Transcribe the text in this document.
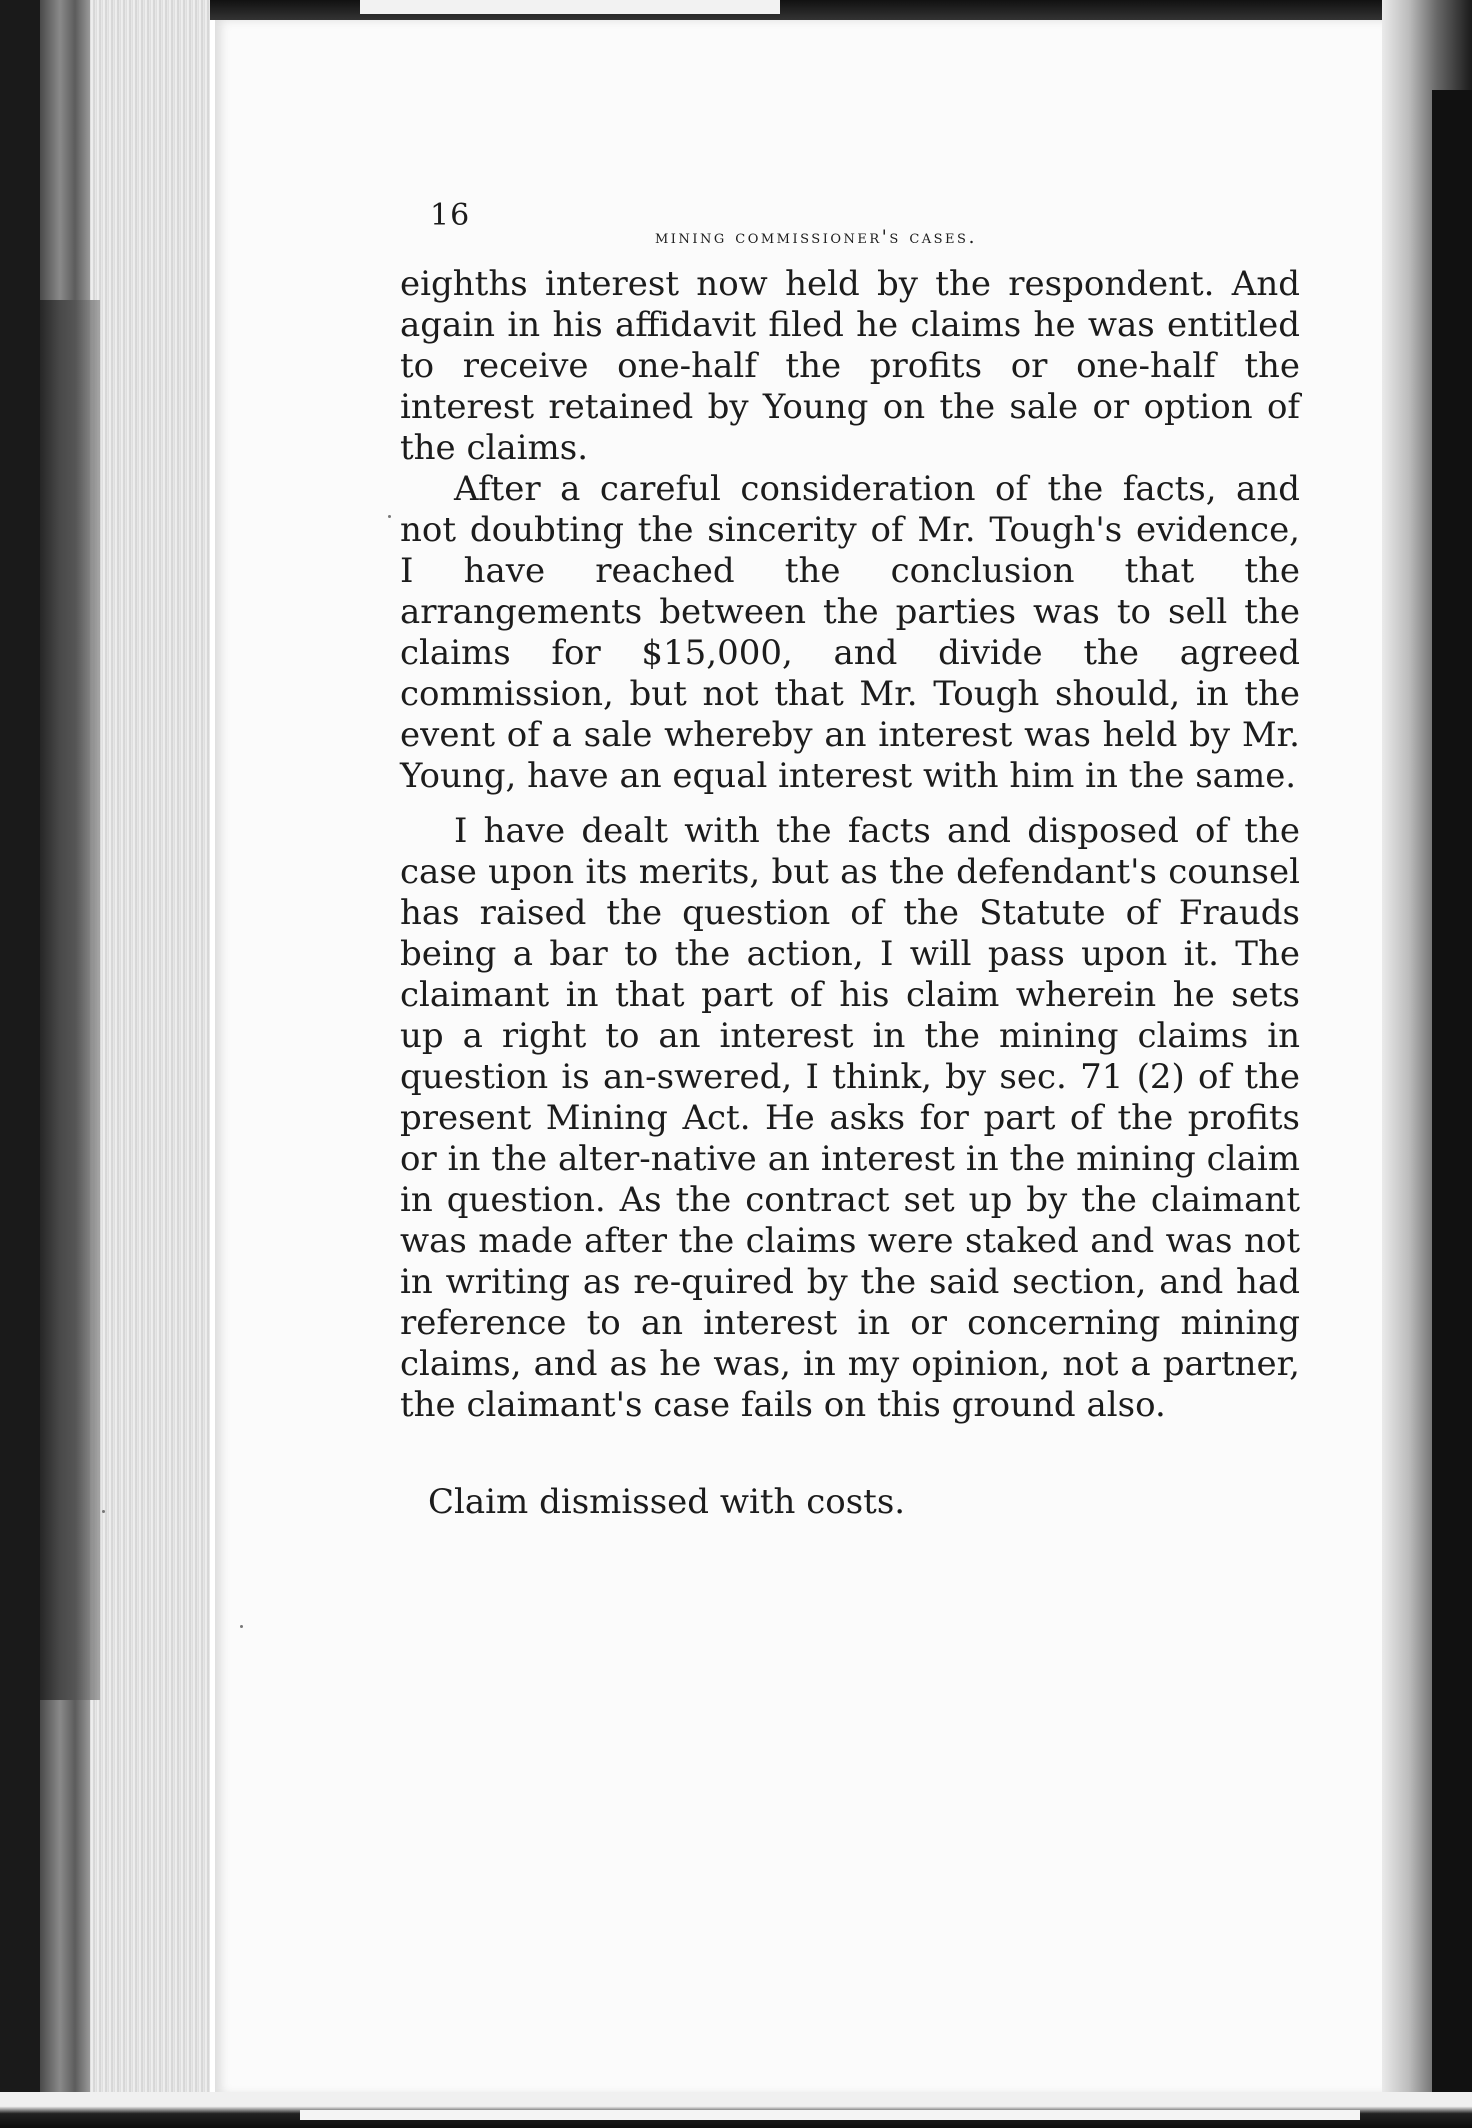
16
mining commissioner's cases.

eighths interest now held by the respondent. And again in his affidavit filed he claims he was entitled to receive one-half the profits or one-half the interest retained by Young on the sale or option of the claims.

After a careful consideration of the facts, and not doubting the sincerity of Mr. Tough's evidence, I have reached the conclusion that the arrangements between the parties was to sell the claims for $15,000, and divide the agreed commission, but not that Mr. Tough should, in the event of a sale whereby an interest was held by Mr. Young, have an equal interest with him in the same.

I have dealt with the facts and disposed of the case upon its merits, but as the defendant's counsel has raised the question of the Statute of Frauds being a bar to the action, I will pass upon it. The claimant in that part of his claim wherein he sets up a right to an interest in the mining claims in question is an-swered, I think, by sec. 71 (2) of the present Mining Act. He asks for part of the profits or in the alter-native an interest in the mining claim in question. As the contract set up by the claimant was made after the claims were staked and was not in writing as re-quired by the said section, and had reference to an interest in or concerning mining claims, and as he was, in my opinion, not a partner, the claimant's case fails on this ground also.

Claim dismissed with costs.
